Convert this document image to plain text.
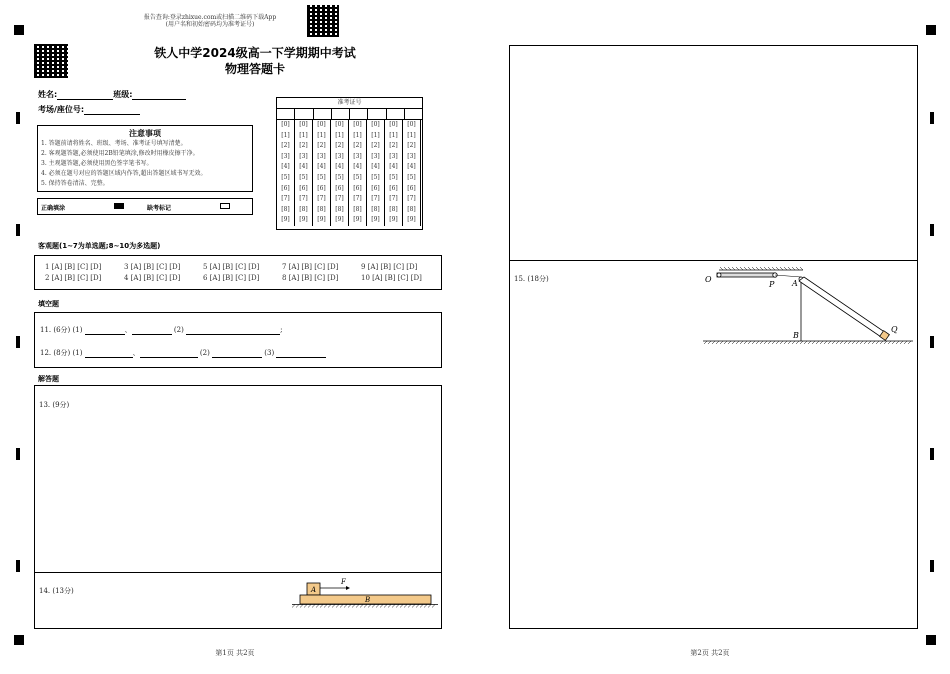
报告查询:登录zhixue.com或扫描二维码下载App
(用户名和初始密码均为准考证号)
铁人中学2024级高一下学期期中考试
物理答题卡
姓名:	班级:
考场/座位号:
准考证号
[0]	[0]	[0]	[0]	[0]	[0]	[0]	[0]
[1]	[1]	[1]	[1]	[1]	[1]	[1]	[1]
[2]	[2]	[2]	[2]	[2]	[2]	[2]	[2]
[3]	[3]	[3]	[3]	[3]	[3]	[3]	[3]
[4]	[4]	[4]	[4]	[4]	[4]	[4]	[4]
[5]	[5]	[5]	[5]	[5]	[5]	[5]	[5]
[6]	[6]	[6]	[6]	[6]	[6]	[6]	[6]
[7]	[7]	[7]	[7]	[7]	[7]	[7]	[7]
[8]	[8]	[8]	[8]	[8]	[8]	[8]	[8]
[9]	[9]	[9]	[9]	[9]	[9]	[9]	[9]
注意事项
1. 答题前请将姓名、班级、考场、准考证号填写清楚。
2. 客观题答题,必须使用2B铅笔填涂,修改时用橡皮擦干净。
3. 主观题答题,必须使用黑色签字笔书写。
4. 必须在题号对应的答题区域内作答,超出答题区域书写无效。
5. 保持答卷清洁、完整。
正确填涂	缺考标记
客观题(1~7为单选题;8~10为多选题)
1 [A] [B] [C] [D]	3 [A] [B] [C] [D]	5 [A] [B] [C] [D]	7 [A] [B] [C] [D]	9 [A] [B] [C] [D]
2 [A] [B] [C] [D]	4 [A] [B] [C] [D]	6 [A] [B] [C] [D]	8 [A] [B] [C] [D]	10 [A] [B] [C] [D]
填空题
11. (6分) (1)	、	(2)	;
12. (8分) (1)	、	(2)	(3)
解答题
13. (9分)
14. (13分)	A
F
B
第1页 共2页
15. (18分)	O
P A
B
Q
第2页 共2页
